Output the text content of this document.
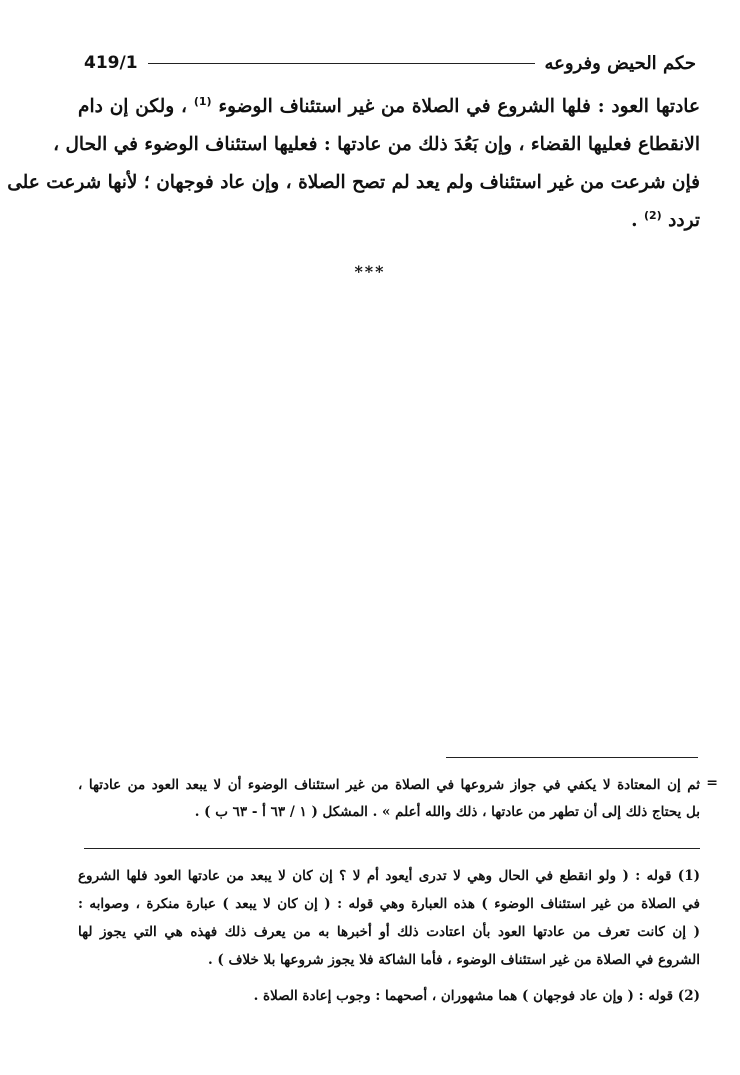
419/1	حكم الحيض وفروعه
عادتها العود : فلها الشروع في الصلاة من غير استئناف الوضوء $^{(1)}$ ، ولكن إن دام
الانقطاع فعليها القضاء ، وإن بَعُدَ ذلك من عادتها : فعليها استئناف الوضوء في الحال ،
فإن شرعت من غير استئناف ولم يعد لم تصح الصلاة ، وإن عاد فوجهان ؛ لأنها شرعت على
تردد $^{(2)}$ .
***
=
ثم إن المعتادة لا يكفي في جواز شروعها في الصلاة من غير استئناف الوضوء أن لا يبعد العود من عادتها ،
بل يحتاج ذلك إلى أن تطهر من عادتها ، ذلك والله أعلم » . المشكل ( ١ / ٦٣ أ - ٦٣ ب ) .
(1) قوله : ( ولو انقطع في الحال وهي لا تدرى أيعود أم لا ؟ إن كان لا يبعد من عادتها العود فلها الشروع
في الصلاة من غير استئناف الوضوء ) هذه العبارة وهي قوله : ( إن كان لا يبعد ) عبارة منكرة ، وصوابه :
( إن كانت تعرف من عادتها العود بأن اعتادت ذلك أو أخبرها به من يعرف ذلك فهذه هي التي يجوز لها
الشروع في الصلاة من غير استئناف الوضوء ، فأما الشاكة فلا يجوز شروعها بلا خلاف ) .
(2) قوله : ( وإن عاد فوجهان ) هما مشهوران ، أصحهما : وجوب إعادة الصلاة .
